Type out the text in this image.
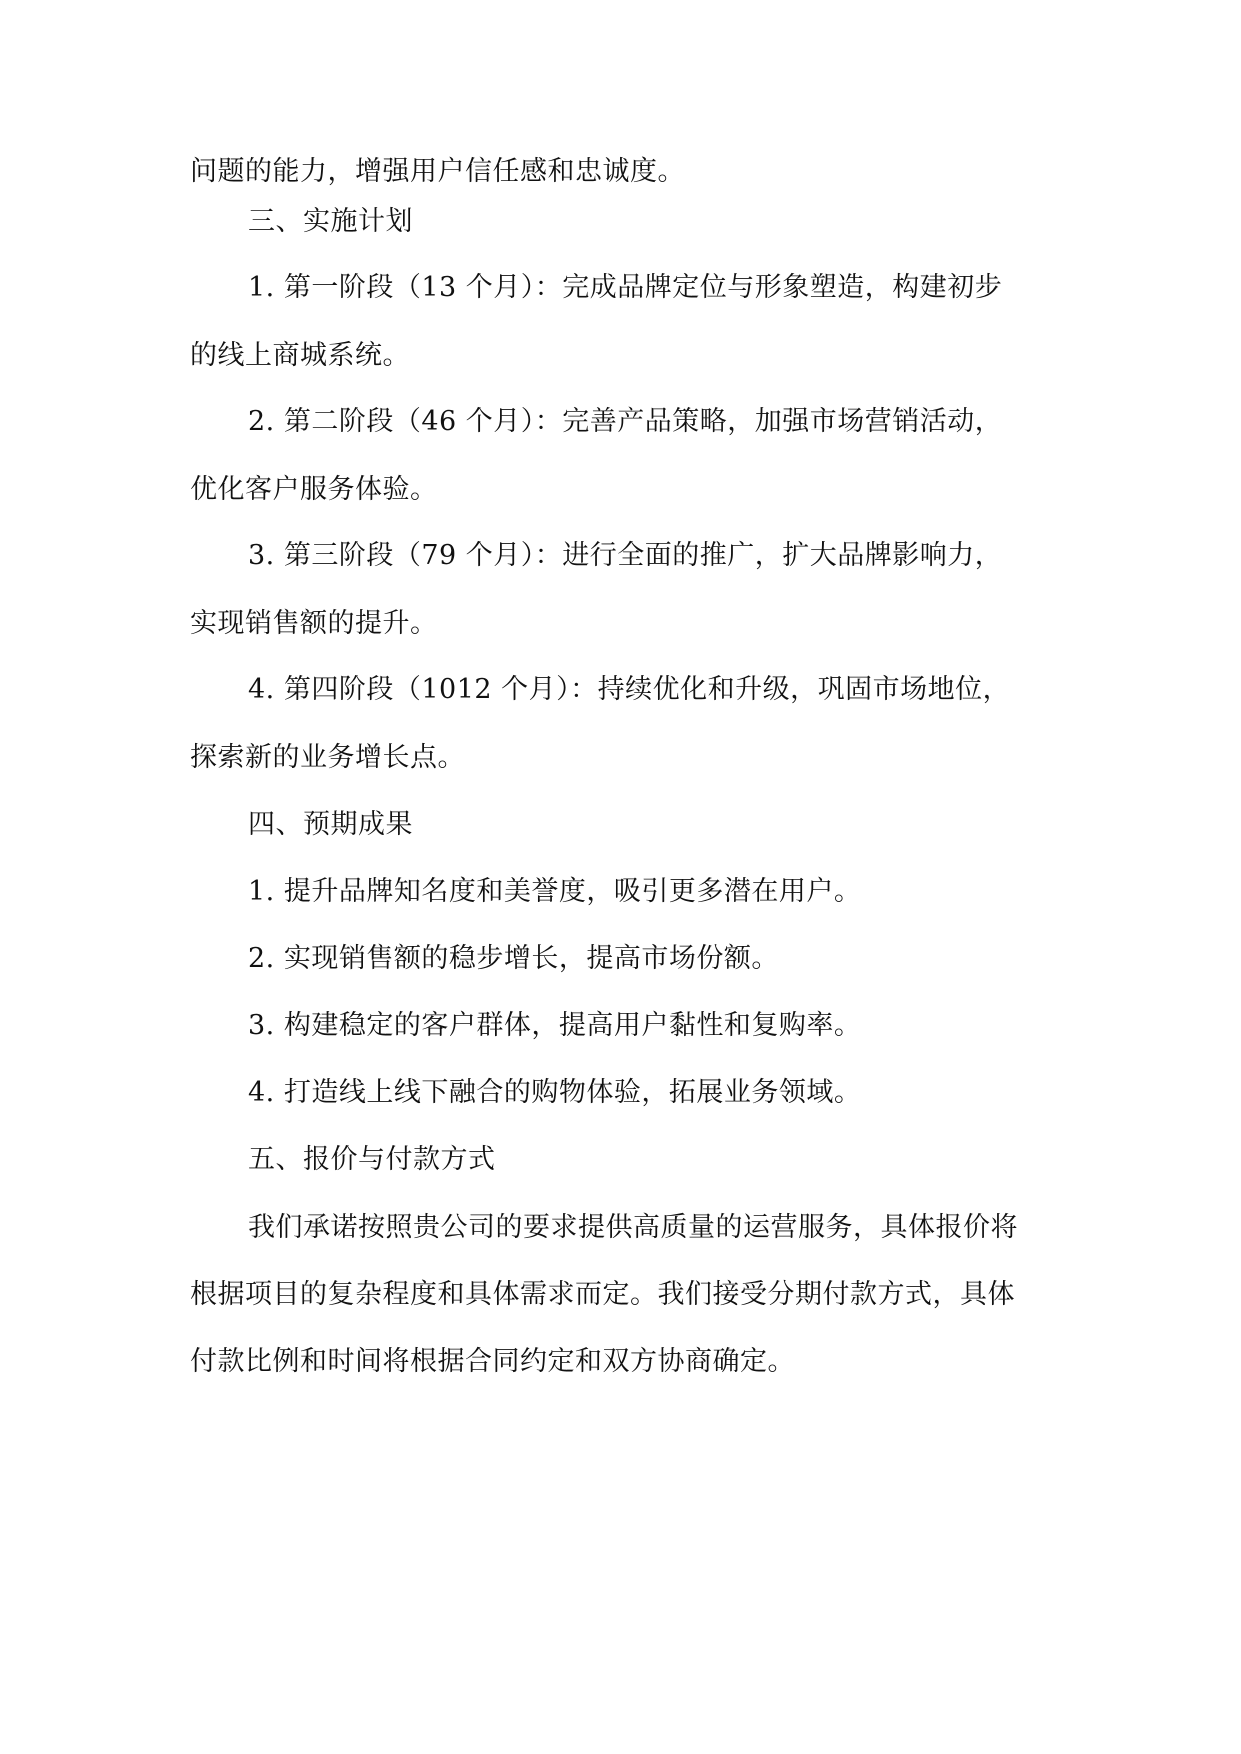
问题的能力，增强用户信任感和忠诚度。
三、实施计划
1. 第一阶段（13 个月）：完成品牌定位与形象塑造，构建初步
的线上商城系统。
2. 第二阶段（46 个月）：完善产品策略，加强市场营销活动，
优化客户服务体验。
3. 第三阶段（79 个月）：进行全面的推广，扩大品牌影响力，
实现销售额的提升。
4. 第四阶段（1012 个月）：持续优化和升级，巩固市场地位，
探索新的业务增长点。
四、预期成果
1. 提升品牌知名度和美誉度，吸引更多潜在用户。
2. 实现销售额的稳步增长，提高市场份额。
3. 构建稳定的客户群体，提高用户黏性和复购率。
4. 打造线上线下融合的购物体验，拓展业务领域。
五、报价与付款方式
我们承诺按照贵公司的要求提供高质量的运营服务，具体报价将
根据项目的复杂程度和具体需求而定。我们接受分期付款方式，具体
付款比例和时间将根据合同约定和双方协商确定。
